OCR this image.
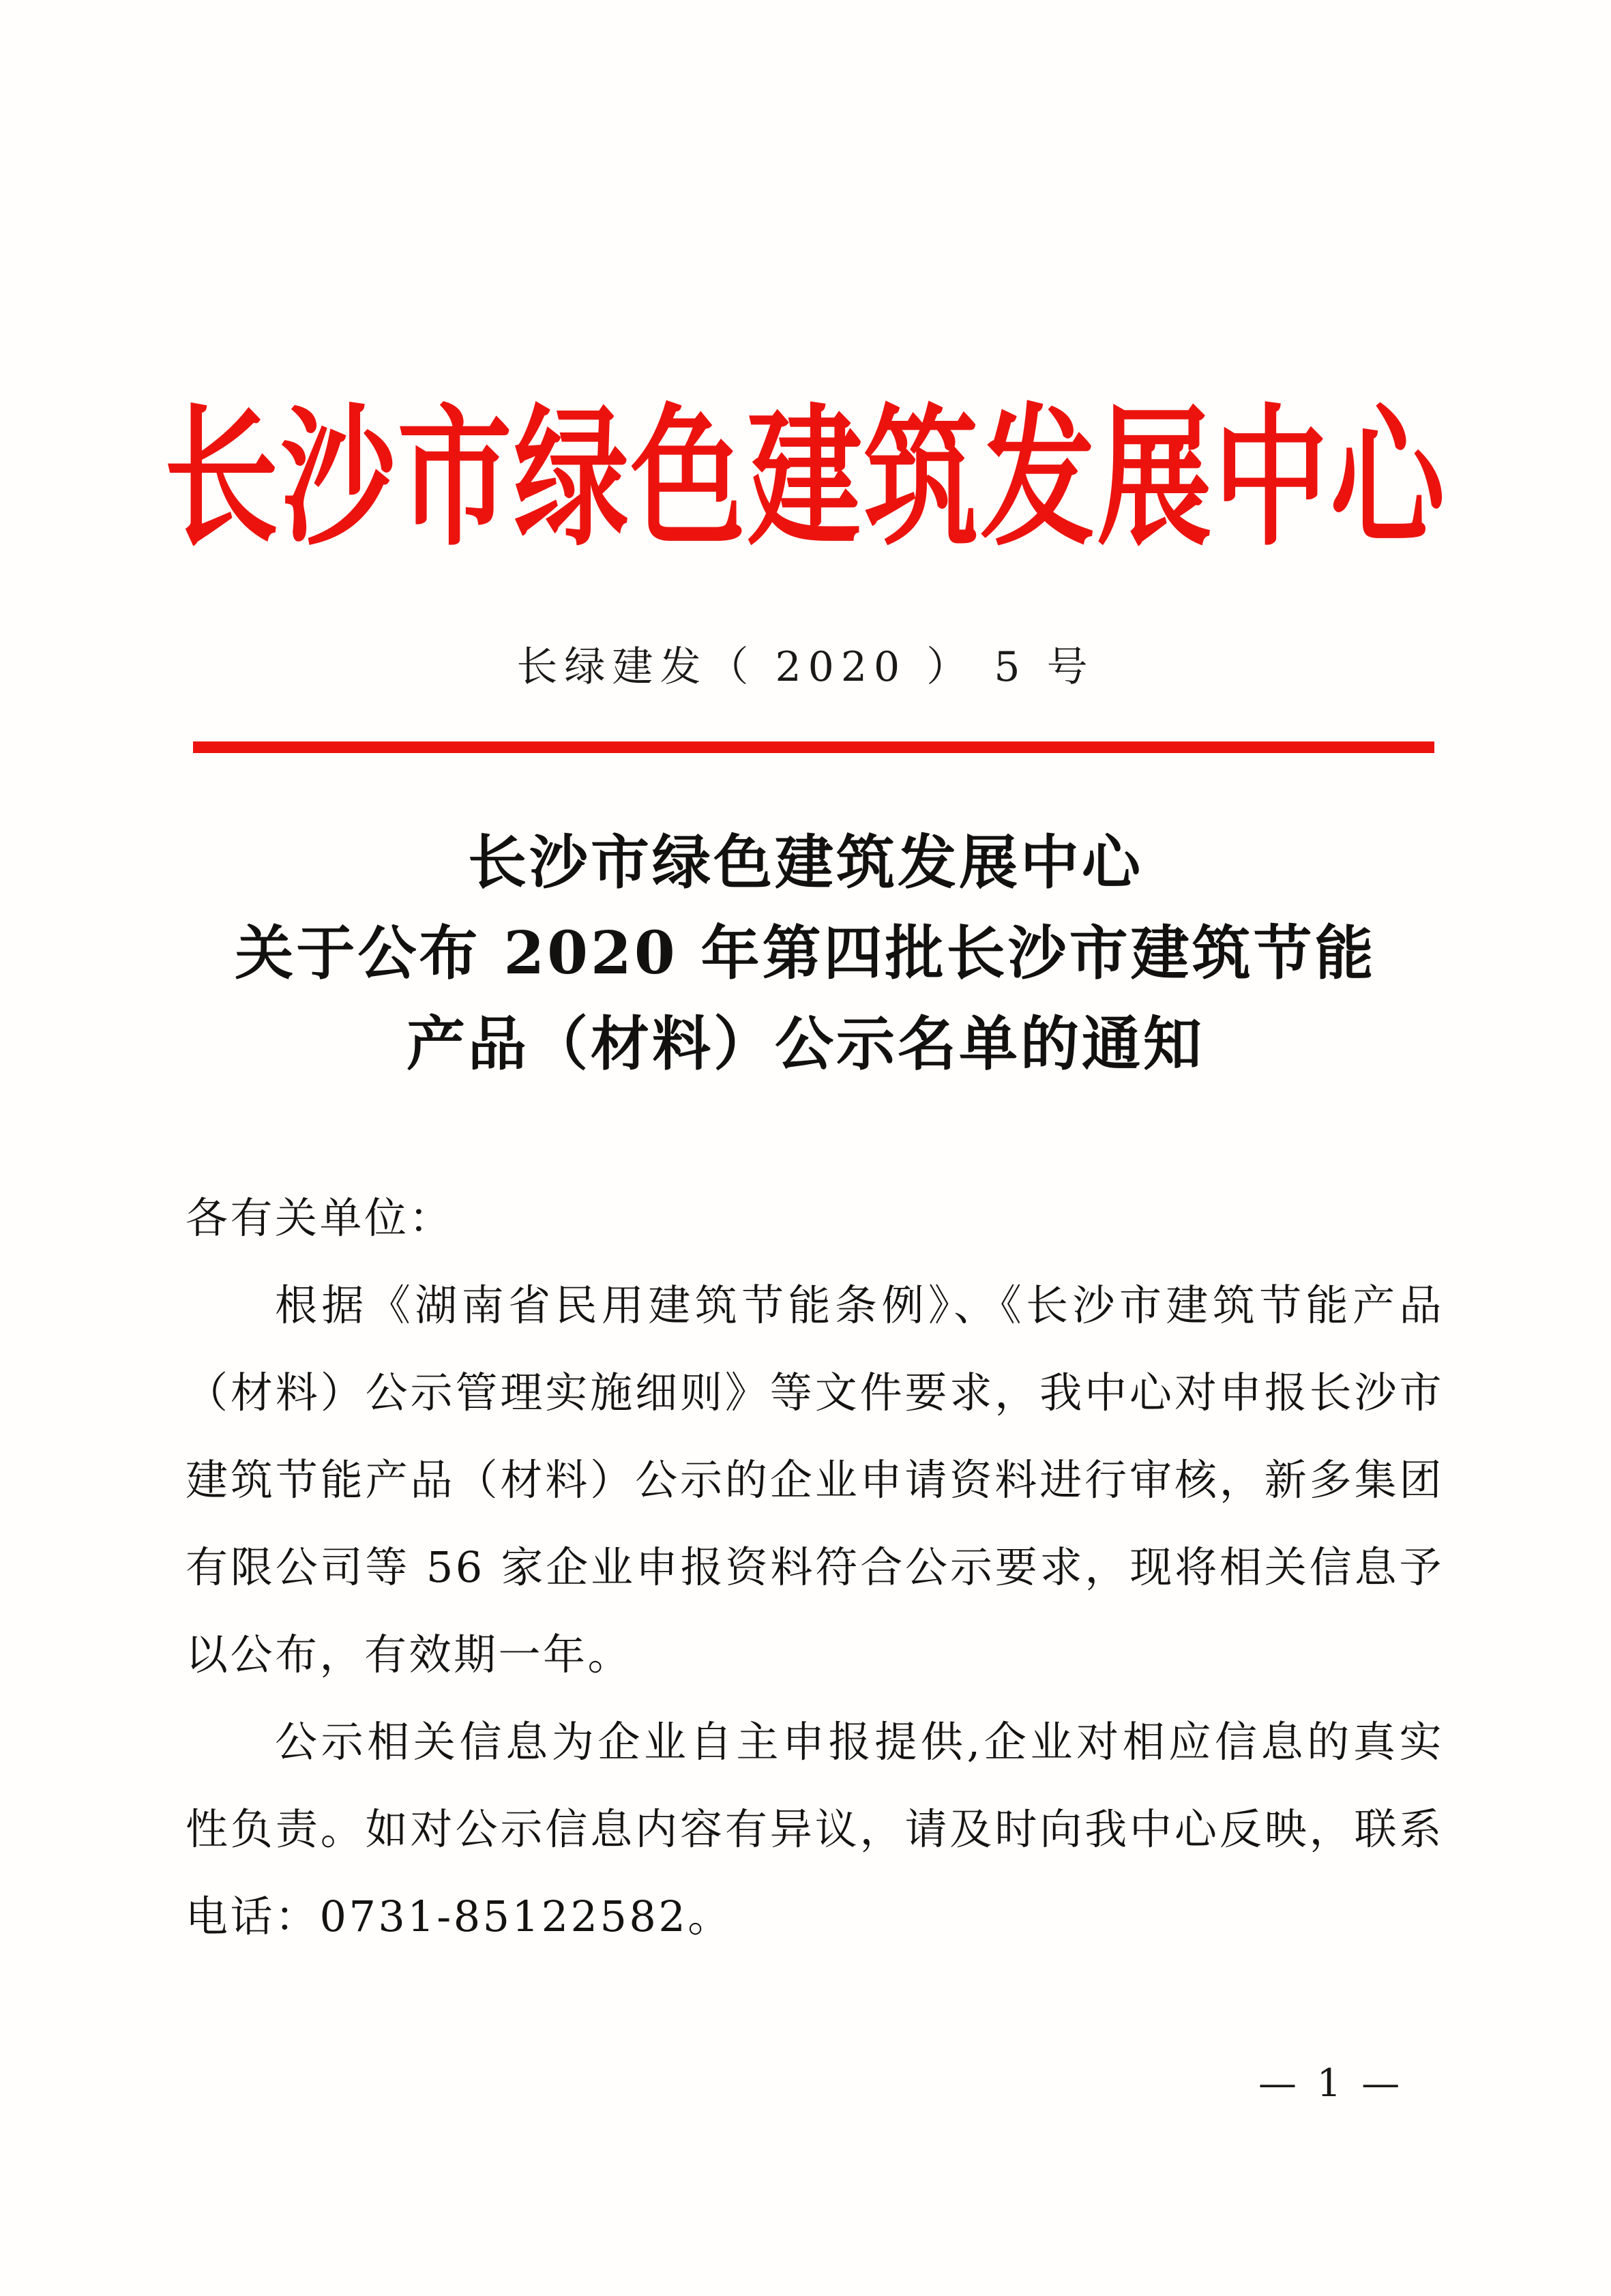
长沙市绿色建筑发展中心
长绿建发（ 2020 ） 5 号
长沙市绿色建筑发展中心
关于公布 2020 年第四批长沙市建筑节能
产品（材料）公示名单的通知
各有关单位：
根据《湖南省民用建筑节能条例》、《长沙市建筑节能产品
（材料）公示管理实施细则》等文件要求，我中心对申报长沙市
建筑节能产品（材料）公示的企业申请资料进行审核，新多集团
有限公司等 56 家企业申报资料符合公示要求，现将相关信息予
以公布，有效期一年。
公示相关信息为企业自主申报提供,企业对相应信息的真实
性负责。如对公示信息内容有异议，请及时向我中心反映，联系
电话：0731-85122582。
— 1 —
